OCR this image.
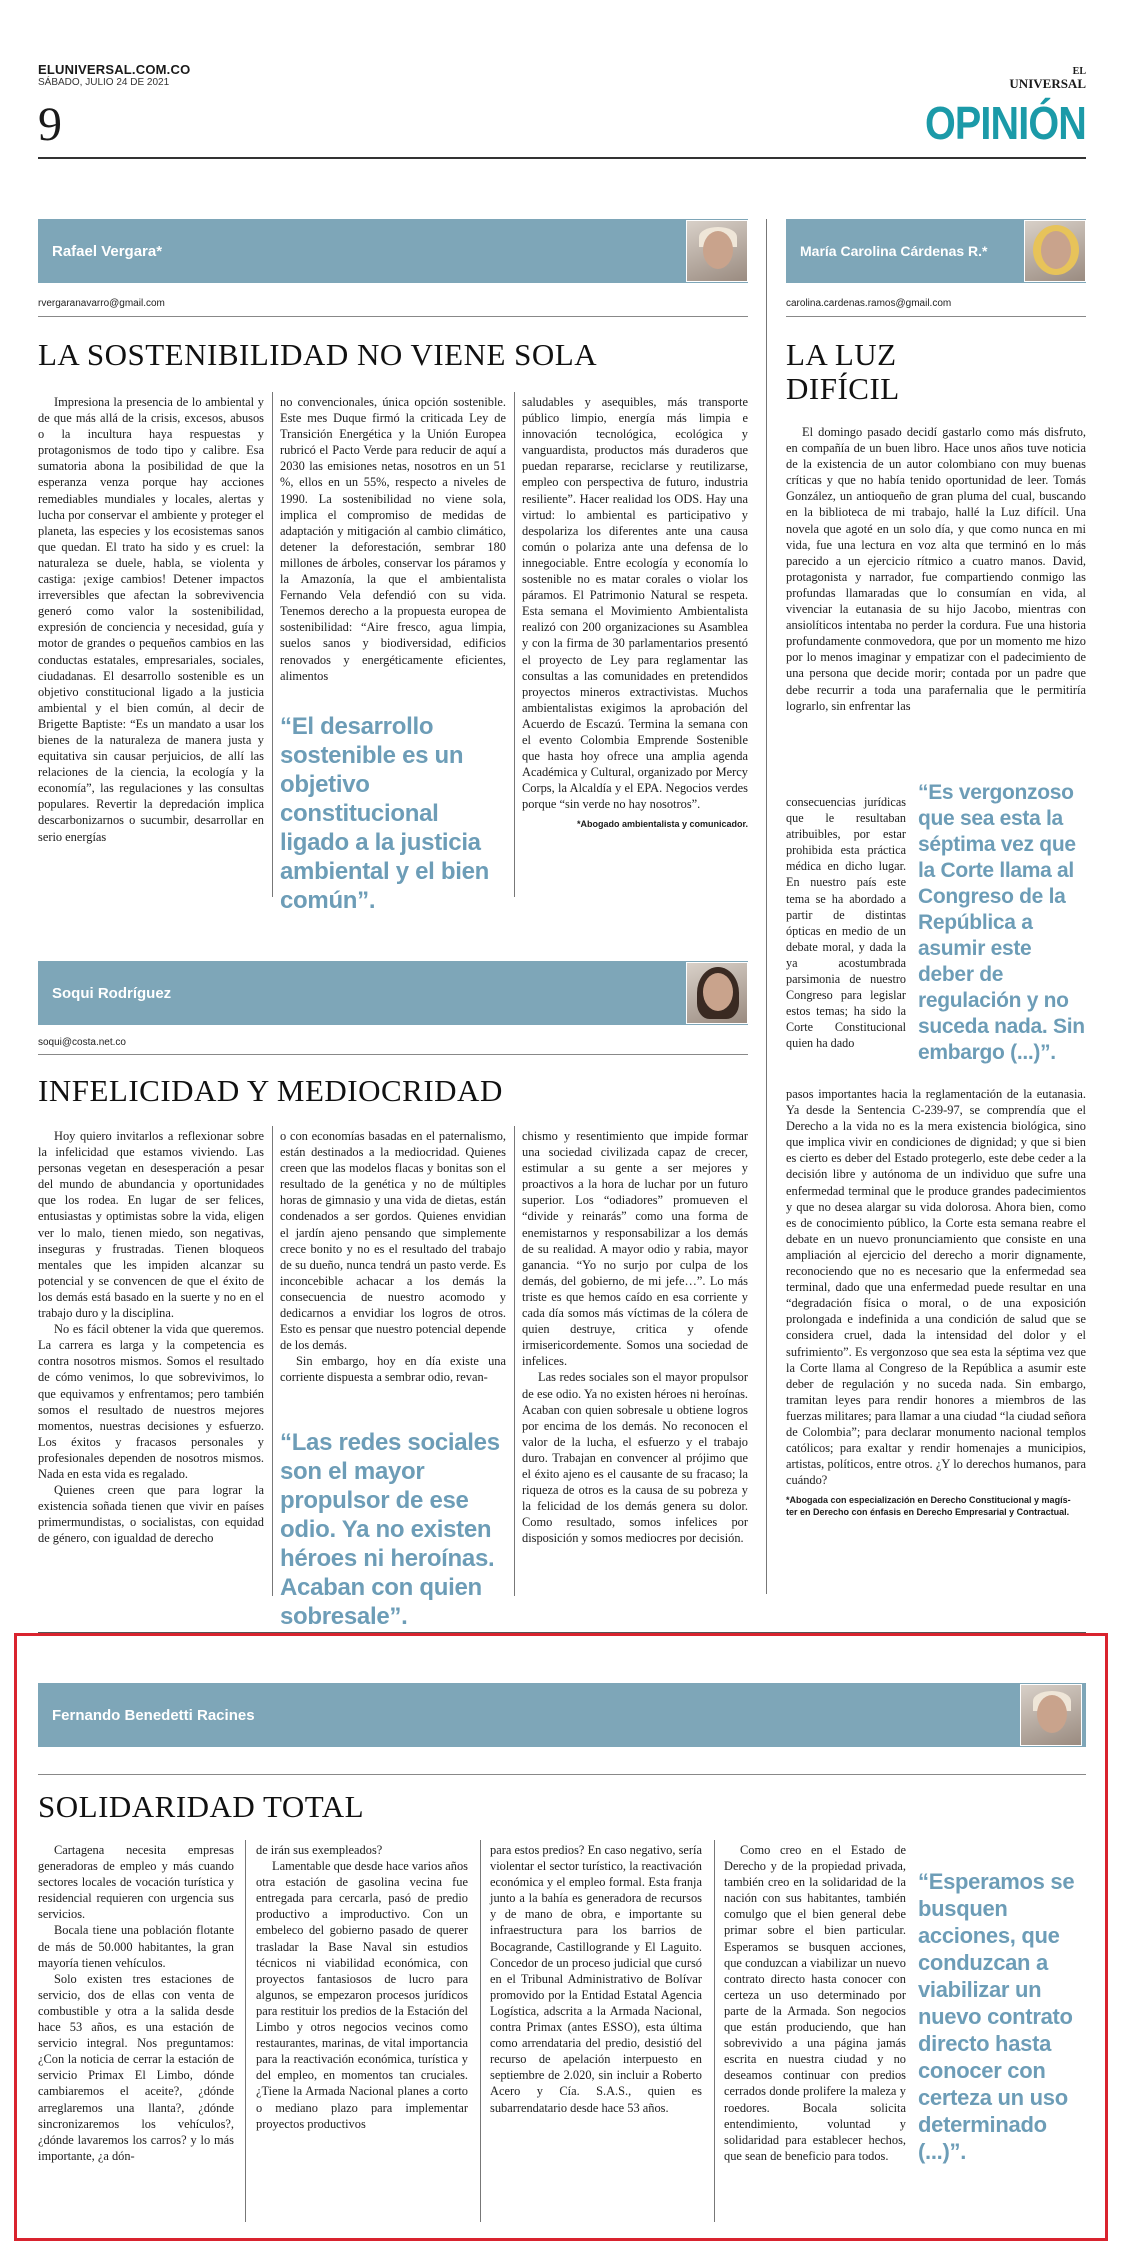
ELUNIVERSAL.COM.CO
SÁBADO, JULIO 24 DE 2021
9
EL
UNIVERSAL
OPINIÓN
Rafael Vergara*
rvergaranavarro@gmail.com
LA SOSTENIBILIDAD NO VIENE SOLA

Impresiona la presencia de lo ambiental y de que más allá de la crisis, excesos, abusos o la incultura haya respuestas y protagonismos de todo tipo y calibre. Esa sumatoria abona la posibilidad de que la esperanza venza porque hay acciones remediables mundiales y locales, alertas y lucha por conservar el ambiente y proteger el planeta, las especies y los ecosistemas sanos que quedan. El trato ha sido y es cruel: la naturaleza se duele, habla, se violenta y castiga: ¡exige cambios! Detener impactos irreversibles que afectan la sobrevivencia generó como valor la sostenibilidad, expresión de conciencia y necesidad, guía y motor de grandes o pequeños cambios en las conductas estatales, empresariales, sociales, ciudadanas. El desarrollo sostenible es un objetivo constitucional ligado a la justicia ambiental y el bien común, al decir de Brigette Baptiste: “Es un mandato a usar los bienes de la naturaleza de manera justa y equitativa sin causar perjuicios, de allí las relaciones de la ciencia, la ecología y la economía”, las regulaciones y las consultas populares. Revertir la depredación implica descarbonizarnos o sucumbir, desarrollar en serio energías

no convencionales, única opción sostenible. Este mes Duque firmó la criticada Ley de Transición Energética y la Unión Europea rubricó el Pacto Verde para reducir de aquí a 2030 las emisiones netas, nosotros en un 51 %, ellos en un 55%, respecto a niveles de 1990. La sostenibilidad no viene sola, implica el compromiso de medidas de adaptación y mitigación al cambio climático, detener la deforestación, sembrar 180 millones de árboles, conservar los páramos y la Amazonía, la que el ambientalista Fernando Vela defendió con su vida. Tenemos derecho a la propuesta europea de sostenibilidad: “Aire fresco, agua limpia, suelos sanos y biodiversidad, edificios renovados y energéticamente eficientes, alimentos

“El desarrollo sostenible es un objetivo constitucional ligado a la justicia ambiental y el bien común”.

saludables y asequibles, más transporte público limpio, energía más limpia e innovación tecnológica, ecológica y vanguardista, productos más duraderos que puedan repararse, reciclarse y reutilizarse, empleo con perspectiva de futuro, industria resiliente”. Hacer realidad los ODS. Hay una virtud: lo ambiental es participativo y despolariza los diferentes ante una causa común o polariza ante una defensa de lo innegociable. Entre ecología y economía lo sostenible no es matar corales o violar los páramos. El Patrimonio Natural se respeta. Esta semana el Movimiento Ambientalista realizó con 200 organizaciones su Asamblea y con la firma de 30 parlamentarios presentó el proyecto de Ley para reglamentar las consultas a las comunidades en pretendidos proyectos mineros extractivistas. Muchos ambientalistas exigimos la aprobación del Acuerdo de Escazú. Termina la semana con el evento Colombia Emprende Sostenible que hasta hoy ofrece una amplia agenda Académica y Cultural, organizado por Mercy Corps, la Alcaldía y el EPA. Negocios verdes porque “sin verde no hay nosotros”.

*Abogado ambientalista y comunicador.
Soqui Rodríguez
soqui@costa.net.co
INFELICIDAD Y MEDIOCRIDAD

Hoy quiero invitarlos a reflexionar sobre la infelicidad que estamos viviendo. Las personas vegetan en desesperación a pesar del mundo de abundancia y oportunidades que los rodea. En lugar de ser felices, entusiastas y optimistas sobre la vida, eligen ver lo malo, tienen miedo, son negativas, inseguras y frustradas. Tienen bloqueos mentales que les impiden alcanzar su potencial y se convencen de que el éxito de los demás está basado en la suerte y no en el trabajo duro y la disciplina.

No es fácil obtener la vida que queremos. La carrera es larga y la competencia es contra nosotros mismos. Somos el resultado de cómo venimos, lo que sobrevivimos, lo que equivamos y enfrentamos; pero también somos el resultado de nuestros mejores momentos, nuestras decisiones y esfuerzo. Los éxitos y fracasos personales y profesionales dependen de nosotros mismos. Nada en esta vida es regalado.

Quienes creen que para lograr la existencia soñada tienen que vivir en países primermundistas, o socialistas, con equidad de género, con igualdad de derecho

o con economías basadas en el paternalismo, están destinados a la mediocridad. Quienes creen que las modelos flacas y bonitas son el resultado de la genética y no de múltiples horas de gimnasio y una vida de dietas, están condenados a ser gordos. Quienes envidian el jardín ajeno pensando que simplemente crece bonito y no es el resultado del trabajo de su dueño, nunca tendrá un pasto verde. Es inconcebible achacar a los demás la consecuencia de nuestro acomodo y dedicarnos a envidiar los logros de otros. Esto es pensar que nuestro potencial depende de los demás.

Sin embargo, hoy en día existe una corriente dispuesta a sembrar odio, revan-

“Las redes sociales son el mayor propulsor de ese odio. Ya no existen héroes ni heroínas. Acaban con quien sobresale”.

chismo y resentimiento que impide formar una sociedad civilizada capaz de crecer, estimular a su gente a ser mejores y proactivos a la hora de luchar por un futuro superior. Los “odiadores” promueven el “divide y reinarás” como una forma de enemistarnos y responsabilizar a los demás de su realidad. A mayor odio y rabia, mayor ganancia. “Yo no surjo por culpa de los demás, del gobierno, de mi jefe…”. Lo más triste es que hemos caído en esa corriente y cada día somos más víctimas de la cólera de quien destruye, critica y ofende irmisericordemente. Somos una sociedad de infelices.

Las redes sociales son el mayor propulsor de ese odio. Ya no existen héroes ni heroínas. Acaban con quien sobresale u obtiene logros por encima de los demás. No reconocen el valor de la lucha, el esfuerzo y el trabajo duro. Trabajan en convencer al prójimo que el éxito ajeno es el causante de su fracaso; la riqueza de otros es la causa de su pobreza y la felicidad de los demás genera su dolor. Como resultado, somos infelices por disposición y somos mediocres por decisión.

María Carolina Cárdenas R.*
carolina.cardenas.ramos@gmail.com
LA LUZ
DIFÍCIL

El domingo pasado decidí gastarlo como más disfruto, en compañía de un buen libro. Hace unos años tuve noticia de la existencia de un autor colombiano con muy buenas críticas y que no había tenido oportunidad de leer. Tomás González, un antioqueño de gran pluma del cual, buscando en la biblioteca de mi trabajo, hallé la Luz difícil. Una novela que agoté en un solo día, y que como nunca en mi vida, fue una lectura en voz alta que terminó en lo más parecido a un ejercicio rítmico a cuatro manos. David, protagonista y narrador, fue compartiendo conmigo las profundas llamaradas que lo consumían en vida, al vivenciar la eutanasia de su hijo Jacobo, mientras con ansiolíticos intentaba no perder la cordura. Fue una historia profundamente conmovedora, que por un momento me hizo por lo menos imaginar y empatizar con el padecimiento de una persona que decide morir; contada por un padre que debe recurrir a toda una parafernalia que le permitiría lograrlo, sin enfrentar las

consecuencias jurídicas que le resultaban atribuibles, por estar prohibida esta práctica médica en dicho lugar. En nuestro país este tema se ha abordado a partir de distintas ópticas en medio de un debate moral, y dada la ya acostumbrada parsimonia de nuestro Congreso para legislar estos temas; ha sido la Corte Constitucional quien ha dado

“Es vergonzoso que sea esta la séptima vez que la Corte llama al Congreso de la República a asumir este deber de regulación y no suceda nada. Sin embargo (...)”.

pasos importantes hacia la reglamentación de la eutanasia. Ya desde la Sentencia C-239-97, se comprendía que el Derecho a la vida no es la mera existencia biológica, sino que implica vivir en condiciones de dignidad; y que si bien es cierto es deber del Estado protegerlo, este debe ceder a la decisión libre y autónoma de un individuo que sufre una enfermedad terminal que le produce grandes padecimientos y que no desea alargar su vida dolorosa. Ahora bien, como es de conocimiento público, la Corte esta semana reabre el debate en un nuevo pronunciamiento que consiste en una ampliación al ejercicio del derecho a morir dignamente, reconociendo que no es necesario que la enfermedad sea terminal, dado que una enfermedad puede resultar en una “degradación física o moral, o de una exposición prolongada e indefinida a una condición de salud que se considera cruel, dada la intensidad del dolor y el sufrimiento”. Es vergonzoso que sea esta la séptima vez que la Corte llama al Congreso de la República a asumir este deber de regulación y no suceda nada. Sin embargo, tramitan leyes para rendir honores a miembros de las fuerzas militares; para llamar a una ciudad “la ciudad señora de Colombia”; para declarar monumento nacional templos católicos; para exaltar y rendir homenajes a municipios, artistas, políticos, entre otros. ¿Y lo derechos humanos, para cuándo?

*Abogada con especialización en Derecho Constitucional y magís-
ter en Derecho con énfasis en Derecho Empresarial y Contractual.
Fernando Benedetti Racines
SOLIDARIDAD TOTAL

Cartagena necesita empresas generadoras de empleo y más cuando sectores locales de vocación turística y residencial requieren con urgencia sus servicios.

Bocala tiene una población flotante de más de 50.000 habitantes, la gran mayoría tienen vehículos.

Solo existen tres estaciones de servicio, dos de ellas con venta de combustible y otra a la salida desde hace 53 años, es una estación de servicio integral. Nos preguntamos: ¿Con la noticia de cerrar la estación de servicio Primax El Limbo, dónde cambiaremos el aceite?, ¿dónde arreglaremos una llanta?, ¿dónde sincronizaremos los vehículos?, ¿dónde lavaremos los carros? y lo más importante, ¿a dón-

de irán sus exempleados?

Lamentable que desde hace varios años otra estación de gasolina vecina fue entregada para cercarla, pasó de predio productivo a improductivo. Con un embeleco del gobierno pasado de querer trasladar la Base Naval sin estudios técnicos ni viabilidad económica, con proyectos fantasiosos de lucro para algunos, se empezaron procesos jurídicos para restituir los predios de la Estación del Limbo y otros negocios vecinos como restaurantes, marinas, de vital importancia para la reactivación económica, turística y del empleo, en momentos tan cruciales. ¿Tiene la Armada Nacional planes a corto o mediano plazo para implementar proyectos productivos

para estos predios? En caso negativo, sería violentar el sector turístico, la reactivación económica y el empleo formal. Esta franja junto a la bahía es generadora de recursos y de mano de obra, e importante su infraestructura para los barrios de Bocagrande, Castillogrande y El Laguito. Concedor de un proceso judicial que cursó en el Tribunal Administrativo de Bolívar promovido por la Entidad Estatal Agencia Logística, adscrita a la Armada Nacional, contra Primax (antes ESSO), esta última como arrendataria del predio, desistió del recurso de apelación interpuesto en septiembre de 2.020, sin incluir a Roberto Acero y Cía. S.A.S., quien es subarrendatario desde hace 53 años.

Como creo en el Estado de Derecho y de la propiedad privada, también creo en la solidaridad de la nación con sus habitantes, también comulgo que el bien general debe primar sobre el bien particular. Esperamos se busquen acciones, que conduzcan a viabilizar un nuevo contrato directo hasta conocer con certeza un uso determinado por parte de la Armada. Son negocios que están produciendo, que han sobrevivido a una página jamás escrita en nuestra ciudad y no deseamos continuar con predios cerrados donde prolifere la maleza y roedores. Bocala solicita entendimiento, voluntad y solidaridad para establecer hechos, que sean de beneficio para todos.

“Esperamos se busquen acciones, que conduzcan a viabilizar un nuevo contrato directo hasta conocer con certeza un uso determinado (...)”.
